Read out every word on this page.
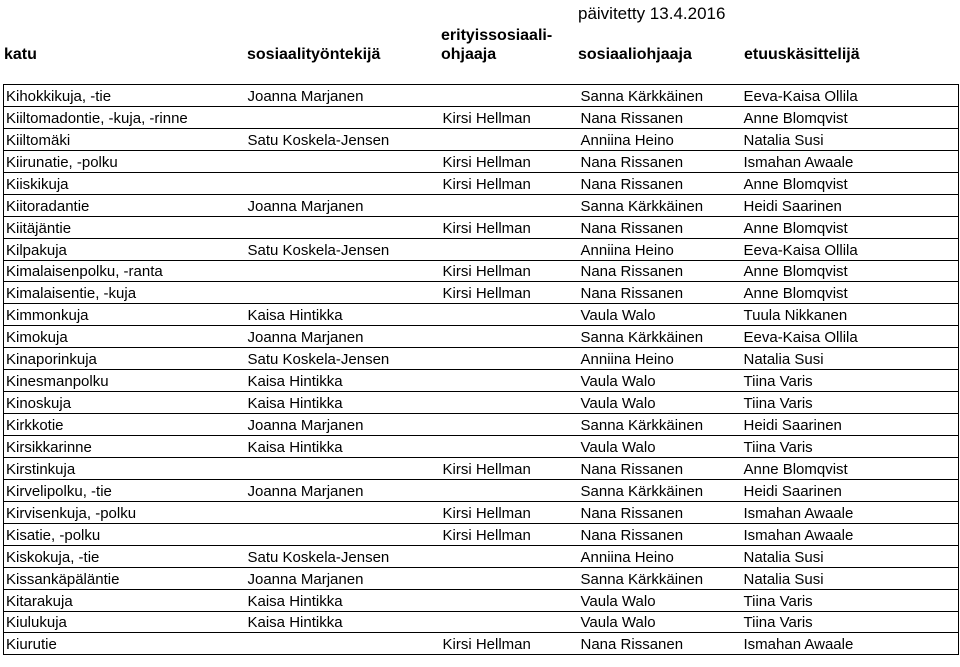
päivitetty 13.4.2016
katu	sosiaalityöntekijä
erityissosiaali-
ohjaaja	sosiaaliohjaaja	etuuskäsittelijä
Kihokkikuja, -tie	Joanna Marjanen		Sanna Kärkkäinen	Eeva-Kaisa Ollila
Kiiltomadontie, -kuja, -rinne		Kirsi Hellman	Nana Rissanen	Anne Blomqvist
Kiiltomäki	Satu Koskela-Jensen		Anniina Heino	Natalia Susi
Kiirunatie, -polku		Kirsi Hellman	Nana Rissanen	Ismahan Awaale
Kiiskikuja		Kirsi Hellman	Nana Rissanen	Anne Blomqvist
Kiitoradantie	Joanna Marjanen		Sanna Kärkkäinen	Heidi Saarinen
Kiitäjäntie		Kirsi Hellman	Nana Rissanen	Anne Blomqvist
Kilpakuja	Satu Koskela-Jensen		Anniina Heino	Eeva-Kaisa Ollila
Kimalaisenpolku, -ranta		Kirsi Hellman	Nana Rissanen	Anne Blomqvist
Kimalaisentie, -kuja		Kirsi Hellman	Nana Rissanen	Anne Blomqvist
Kimmonkuja	Kaisa Hintikka		Vaula Walo	Tuula Nikkanen
Kimokuja	Joanna Marjanen		Sanna Kärkkäinen	Eeva-Kaisa Ollila
Kinaporinkuja	Satu Koskela-Jensen		Anniina Heino	Natalia Susi
Kinesmanpolku	Kaisa Hintikka		Vaula Walo	Tiina Varis
Kinoskuja	Kaisa Hintikka		Vaula Walo	Tiina Varis
Kirkkotie	Joanna Marjanen		Sanna Kärkkäinen	Heidi Saarinen
Kirsikkarinne	Kaisa Hintikka		Vaula Walo	Tiina Varis
Kirstinkuja		Kirsi Hellman	Nana Rissanen	Anne Blomqvist
Kirvelipolku, -tie	Joanna Marjanen		Sanna Kärkkäinen	Heidi Saarinen
Kirvisenkuja, -polku		Kirsi Hellman	Nana Rissanen	Ismahan Awaale
Kisatie, -polku		Kirsi Hellman	Nana Rissanen	Ismahan Awaale
Kiskokuja, -tie	Satu Koskela-Jensen		Anniina Heino	Natalia Susi
Kissankäpäläntie	Joanna Marjanen		Sanna Kärkkäinen	Natalia Susi
Kitarakuja	Kaisa Hintikka		Vaula Walo	Tiina Varis
Kiulukuja	Kaisa Hintikka		Vaula Walo	Tiina Varis
Kiurutie		Kirsi Hellman	Nana Rissanen	Ismahan Awaale
